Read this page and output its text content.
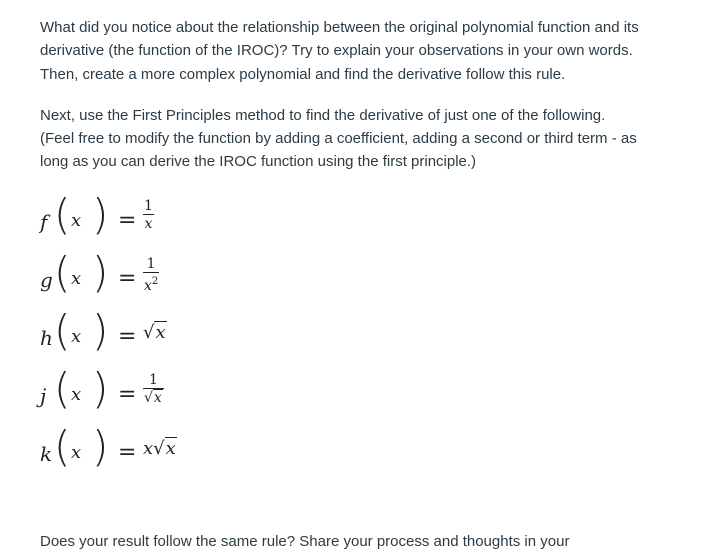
What did you notice about the relationship between the original polynomial function and its derivative (the function of the IROC)? Try to explain your observations in your own words. Then, create a more complex polynomial and find the derivative follow this rule.

Next, use the First Principles method to find the derivative of just one of the following. (Feel free to modify the function by adding a coefficient, adding a second or third term - as long as you can derive the IROC function using the first principle.)

f ( x ) = $\frac{1}{x}$
g ( x ) = $\frac{1}{x^2}$
h ( x ) = √x
j ( x ) = $\frac{1}{√x}$
k ( x ) = x√x

Does your result follow the same rule? Share your process and thoughts in your
